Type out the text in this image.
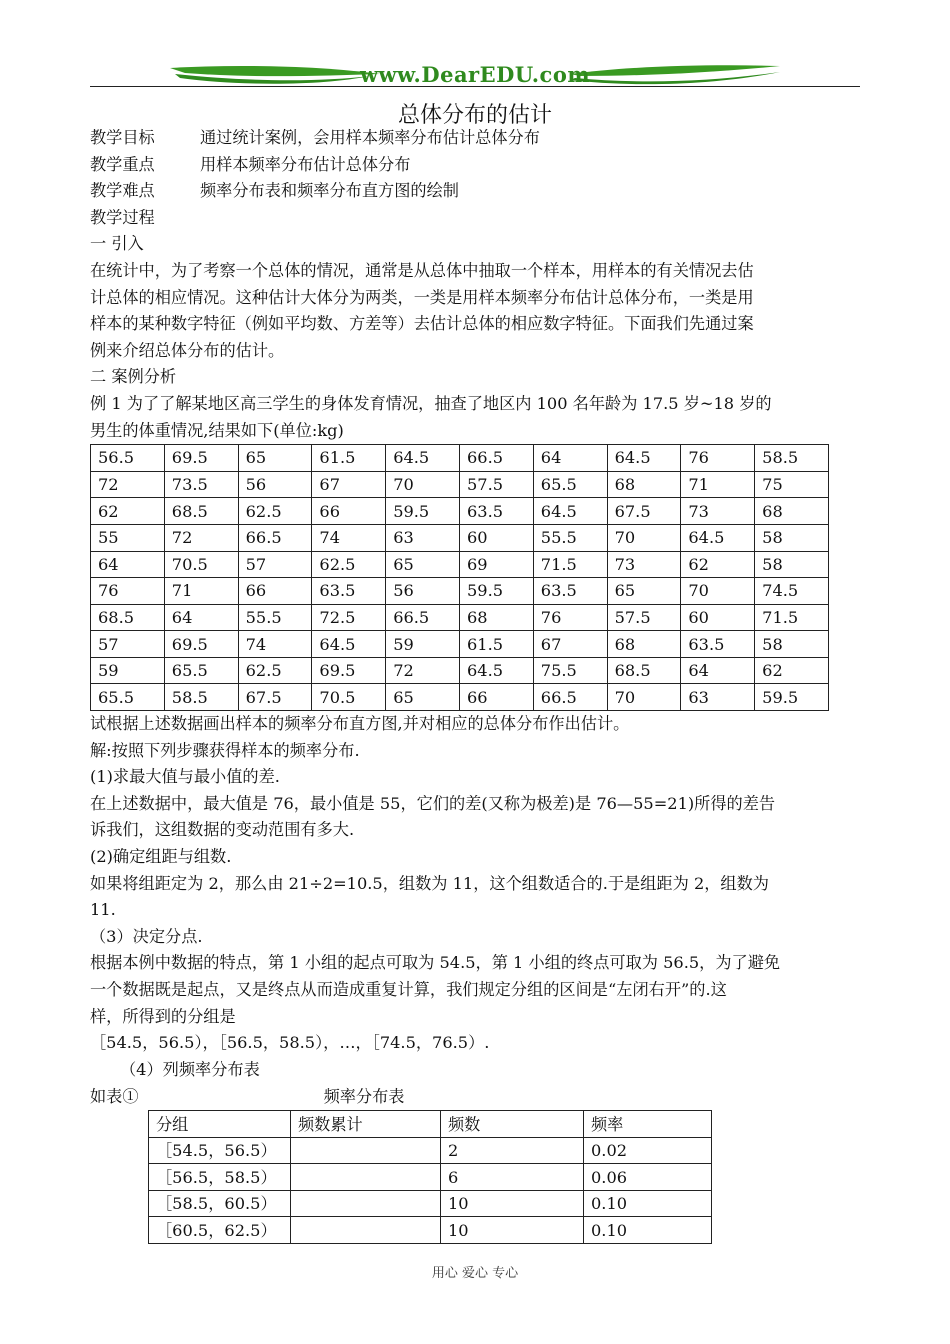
www.DearEDU.com
总体分布的估计

教学目标	通过统计案例，会用样本频率分布估计总体分布

教学重点	用样本频率分布估计总体分布

教学难点	频率分布表和频率分布直方图的绘制

教学过程

一 引入

在统计中，为了考察一个总体的情况，通常是从总体中抽取一个样本，用样本的有关情况去估

计总体的相应情况。这种估计大体分为两类，一类是用样本频率分布估计总体分布，一类是用

样本的某种数字特征（例如平均数、方差等）去估计总体的相应数字特征。下面我们先通过案

例来介绍总体分布的估计。

二 案例分析

例 1 为了了解某地区高三学生的身体发育情况，抽查了地区内 100 名年龄为 17.5 岁~18 岁的

男生的体重情况,结果如下(单位:kg)

56.5	69.5	65	61.5	64.5	66.5	64	64.5	76	58.5
72	73.5	56	67	70	57.5	65.5	68	71	75
62	68.5	62.5	66	59.5	63.5	64.5	67.5	73	68
55	72	66.5	74	63	60	55.5	70	64.5	58
64	70.5	57	62.5	65	69	71.5	73	62	58
76	71	66	63.5	56	59.5	63.5	65	70	74.5
68.5	64	55.5	72.5	66.5	68	76	57.5	60	71.5
57	69.5	74	64.5	59	61.5	67	68	63.5	58
59	65.5	62.5	69.5	72	64.5	75.5	68.5	64	62
65.5	58.5	67.5	70.5	65	66	66.5	70	63	59.5

试根据上述数据画出样本的频率分布直方图,并对相应的总体分布作出估计。

解:按照下列步骤获得样本的频率分布.

(1)求最大值与最小值的差.

在上述数据中，最大值是 76，最小值是 55，它们的差(又称为极差)是 76—55=21)所得的差告

诉我们，这组数据的变动范围有多大.

(2)确定组距与组数.

如果将组距定为 2，那么由 21÷2=10.5，组数为 11，这个组数适合的.于是组距为 2，组数为

11.

（3）决定分点.

根据本例中数据的特点，第 1 小组的起点可取为 54.5，第 1 小组的终点可取为 56.5，为了避免

一个数据既是起点，又是终点从而造成重复计算，我们规定分组的区间是“左闭右开”的.这

样，所得到的分组是

［54.5，56.5），［56.5，58.5），…，［74.5，76.5）.

（4）列频率分布表

如表①	频率分布表

分组	频数累计	频数	频率
［54.5，56.5）		2	0.02
［56.5，58.5）		6	0.06
［58.5，60.5）		10	0.10
［60.5，62.5）		10	0.10
用心 爱心 专心
